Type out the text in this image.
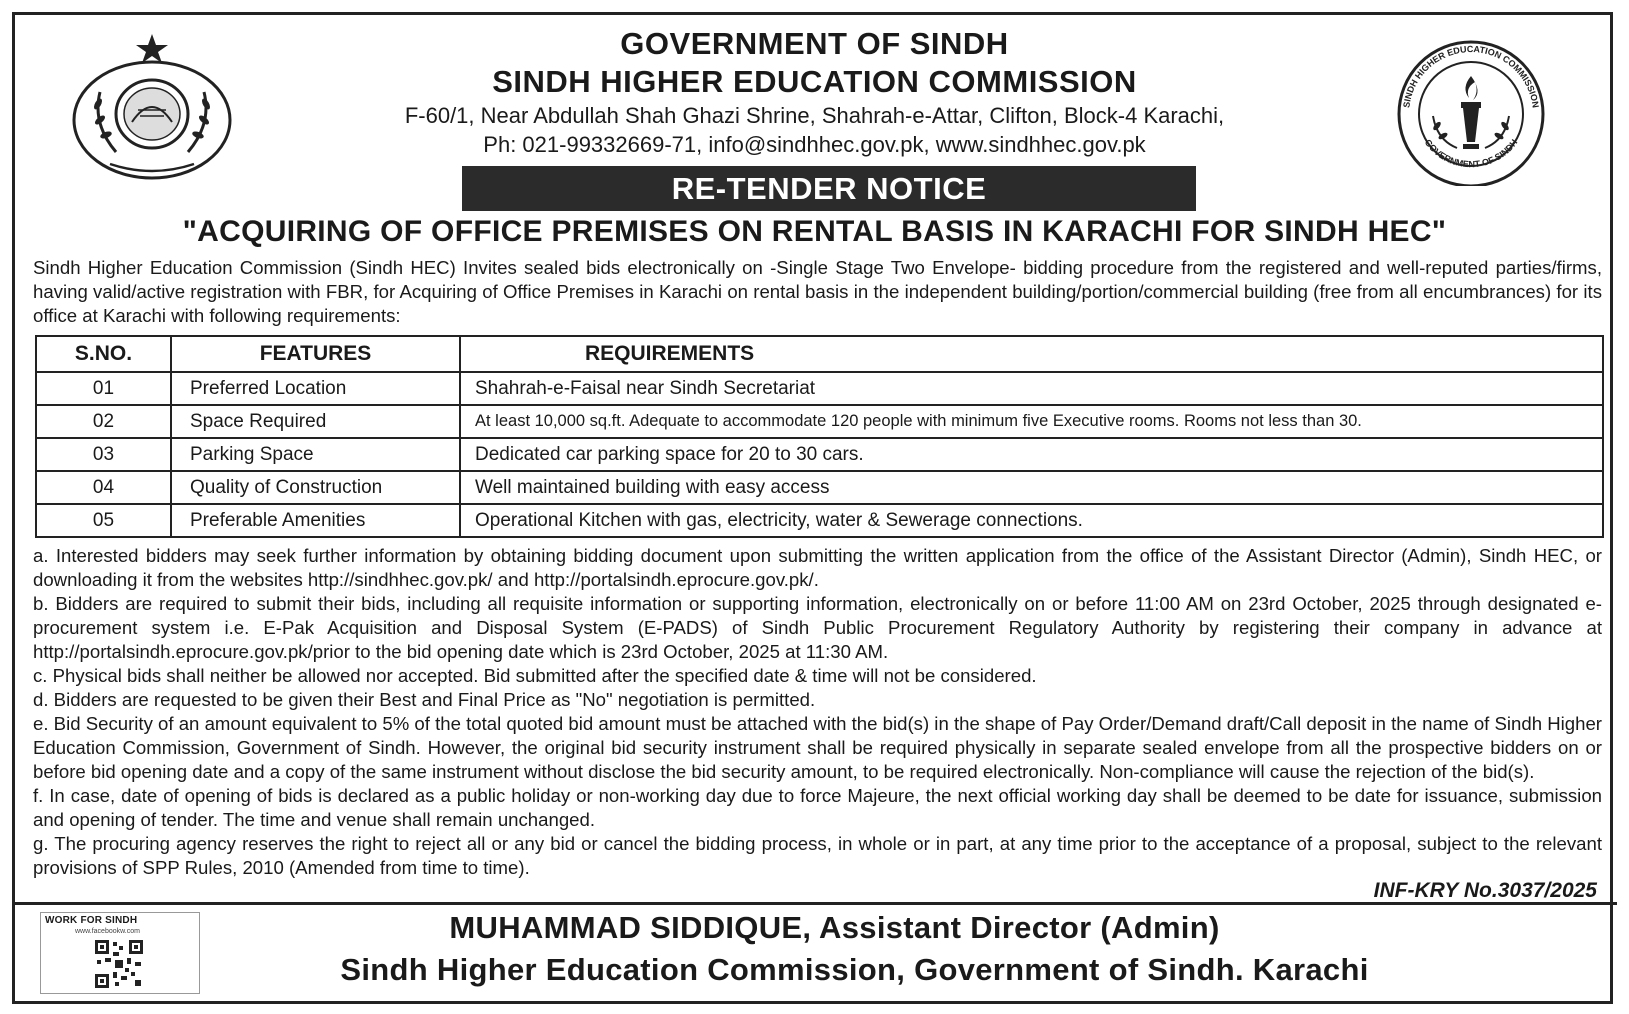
SINDH HIGHER EDUCATION COMMISSION
GOVERNMENT OF SINDH
GOVERNMENT OF SINDH
SINDH HIGHER EDUCATION COMMISSION
F-60/1, Near Abdullah Shah Ghazi Shrine, Shahrah-e-Attar, Clifton, Block-4 Karachi,
Ph: 021-99332669-71, info@sindhhec.gov.pk, www.sindhhec.gov.pk
RE-TENDER NOTICE
"ACQUIRING OF OFFICE PREMISES ON RENTAL BASIS IN KARACHI FOR SINDH HEC"
Sindh Higher Education Commission (Sindh HEC) Invites sealed bids electronically on -Single Stage Two Envelope- bidding procedure from the registered and well-reputed parties/firms, having valid/active registration with FBR, for Acquiring of Office Premises in Karachi on rental basis in the independent building/portion/commercial building (free from all encumbrances) for its office at Karachi with following requirements:
S.NO.	FEATURES	REQUIREMENTS
01	Preferred Location	Shahrah-e-Faisal near Sindh Secretariat
02	Space Required	At least 10,000 sq.ft. Adequate to accommodate 120 people with minimum five Executive rooms. Rooms not less than 30.
03	Parking Space	Dedicated car parking space for 20 to 30 cars.
04	Quality of Construction	Well maintained building with easy access
05	Preferable Amenities	Operational Kitchen with gas, electricity, water & Sewerage connections.

a. Interested bidders may seek further information by obtaining bidding document upon submitting the written application from the office of the Assistant Director (Admin), Sindh HEC, or downloading it from the websites http://sindhhec.gov.pk/ and http://portalsindh.eprocure.gov.pk/.

b. Bidders are required to submit their bids, including all requisite information or supporting information, electronically on or before 11:00 AM on 23rd October, 2025 through designated e-procurement system i.e. E-Pak Acquisition and Disposal System (E-PADS) of Sindh Public Procurement Regulatory Authority by registering their company in advance at http://portalsindh.eprocure.gov.pk/prior to the bid opening date which is 23rd October, 2025 at 11:30 AM.

c. Physical bids shall neither be allowed nor accepted. Bid submitted after the specified date & time will not be considered.

d. Bidders are requested to be given their Best and Final Price as "No" negotiation is permitted.

e. Bid Security of an amount equivalent to 5% of the total quoted bid amount must be attached with the bid(s) in the shape of Pay Order/Demand draft/Call deposit in the name of Sindh Higher Education Commission, Government of Sindh. However, the original bid security instrument shall be required physically in separate sealed envelope from all the prospective bidders on or before bid opening date and a copy of the same instrument without disclose the bid security amount, to be required electronically. Non-compliance will cause the rejection of the bid(s).

f. In case, date of opening of bids is declared as a public holiday or non-working day due to force Majeure, the next official working day shall be deemed to be date for issuance, submission and opening of tender. The time and venue shall remain unchanged.

g. The procuring agency reserves the right to reject all or any bid or cancel the bidding process, in whole or in part, at any time prior to the acceptance of a proposal, subject to the relevant provisions of SPP Rules, 2010 (Amended from time to time).

INF-KRY No.3037/2025
WORK FOR SINDH
www.facebookw.com	MUHAMMAD SIDDIQUE, Assistant Director (Admin)
Sindh Higher Education Commission, Government of Sindh. Karachi
